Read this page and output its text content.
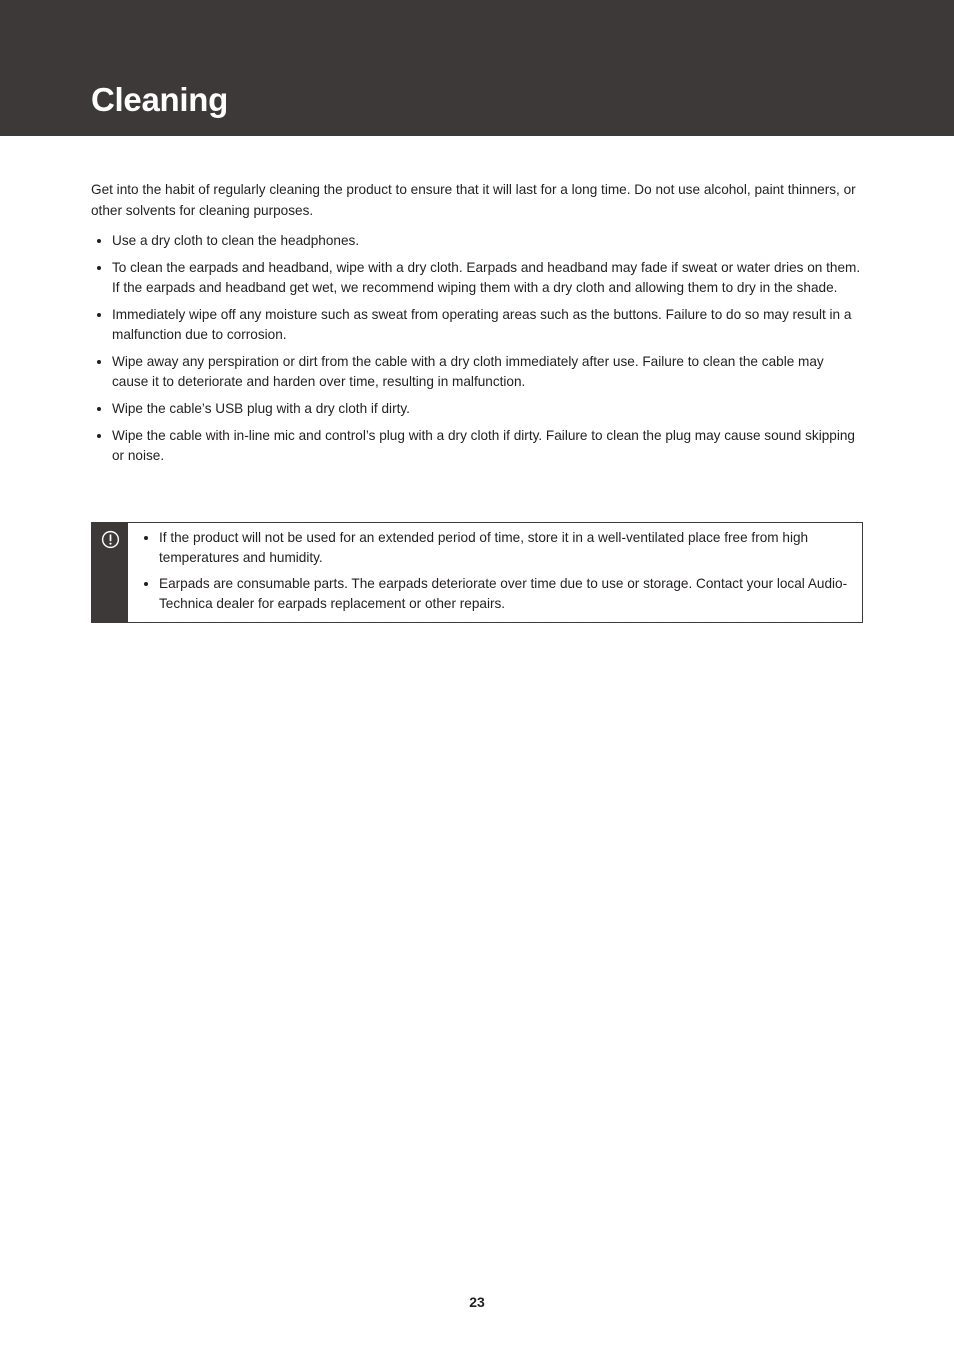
Cleaning

Get into the habit of regularly cleaning the product to ensure that it will last for a long time. Do not use alcohol, paint thinners, or other solvents for cleaning purposes.

Use a dry cloth to clean the headphones.
To clean the earpads and headband, wipe with a dry cloth. Earpads and headband may fade if sweat or water dries on them. If the earpads and headband get wet, we recommend wiping them with a dry cloth and allowing them to dry in the shade.
Immediately wipe off any moisture such as sweat from operating areas such as the buttons. Failure to do so may result in a malfunction due to corrosion.
Wipe away any perspiration or dirt from the cable with a dry cloth immediately after use. Failure to clean the cable may cause it to deteriorate and harden over time, resulting in malfunction.
Wipe the cable’s USB plug with a dry cloth if dirty.
Wipe the cable with in-line mic and control’s plug with a dry cloth if dirty. Failure to clean the plug may cause sound skipping or noise.
If the product will not be used for an extended period of time, store it in a well-ventilated place free from high temperatures and humidity.
Earpads are consumable parts. The earpads deteriorate over time due to use or storage. Contact your local Audio-Technica dealer for earpads replacement or other repairs.
23
